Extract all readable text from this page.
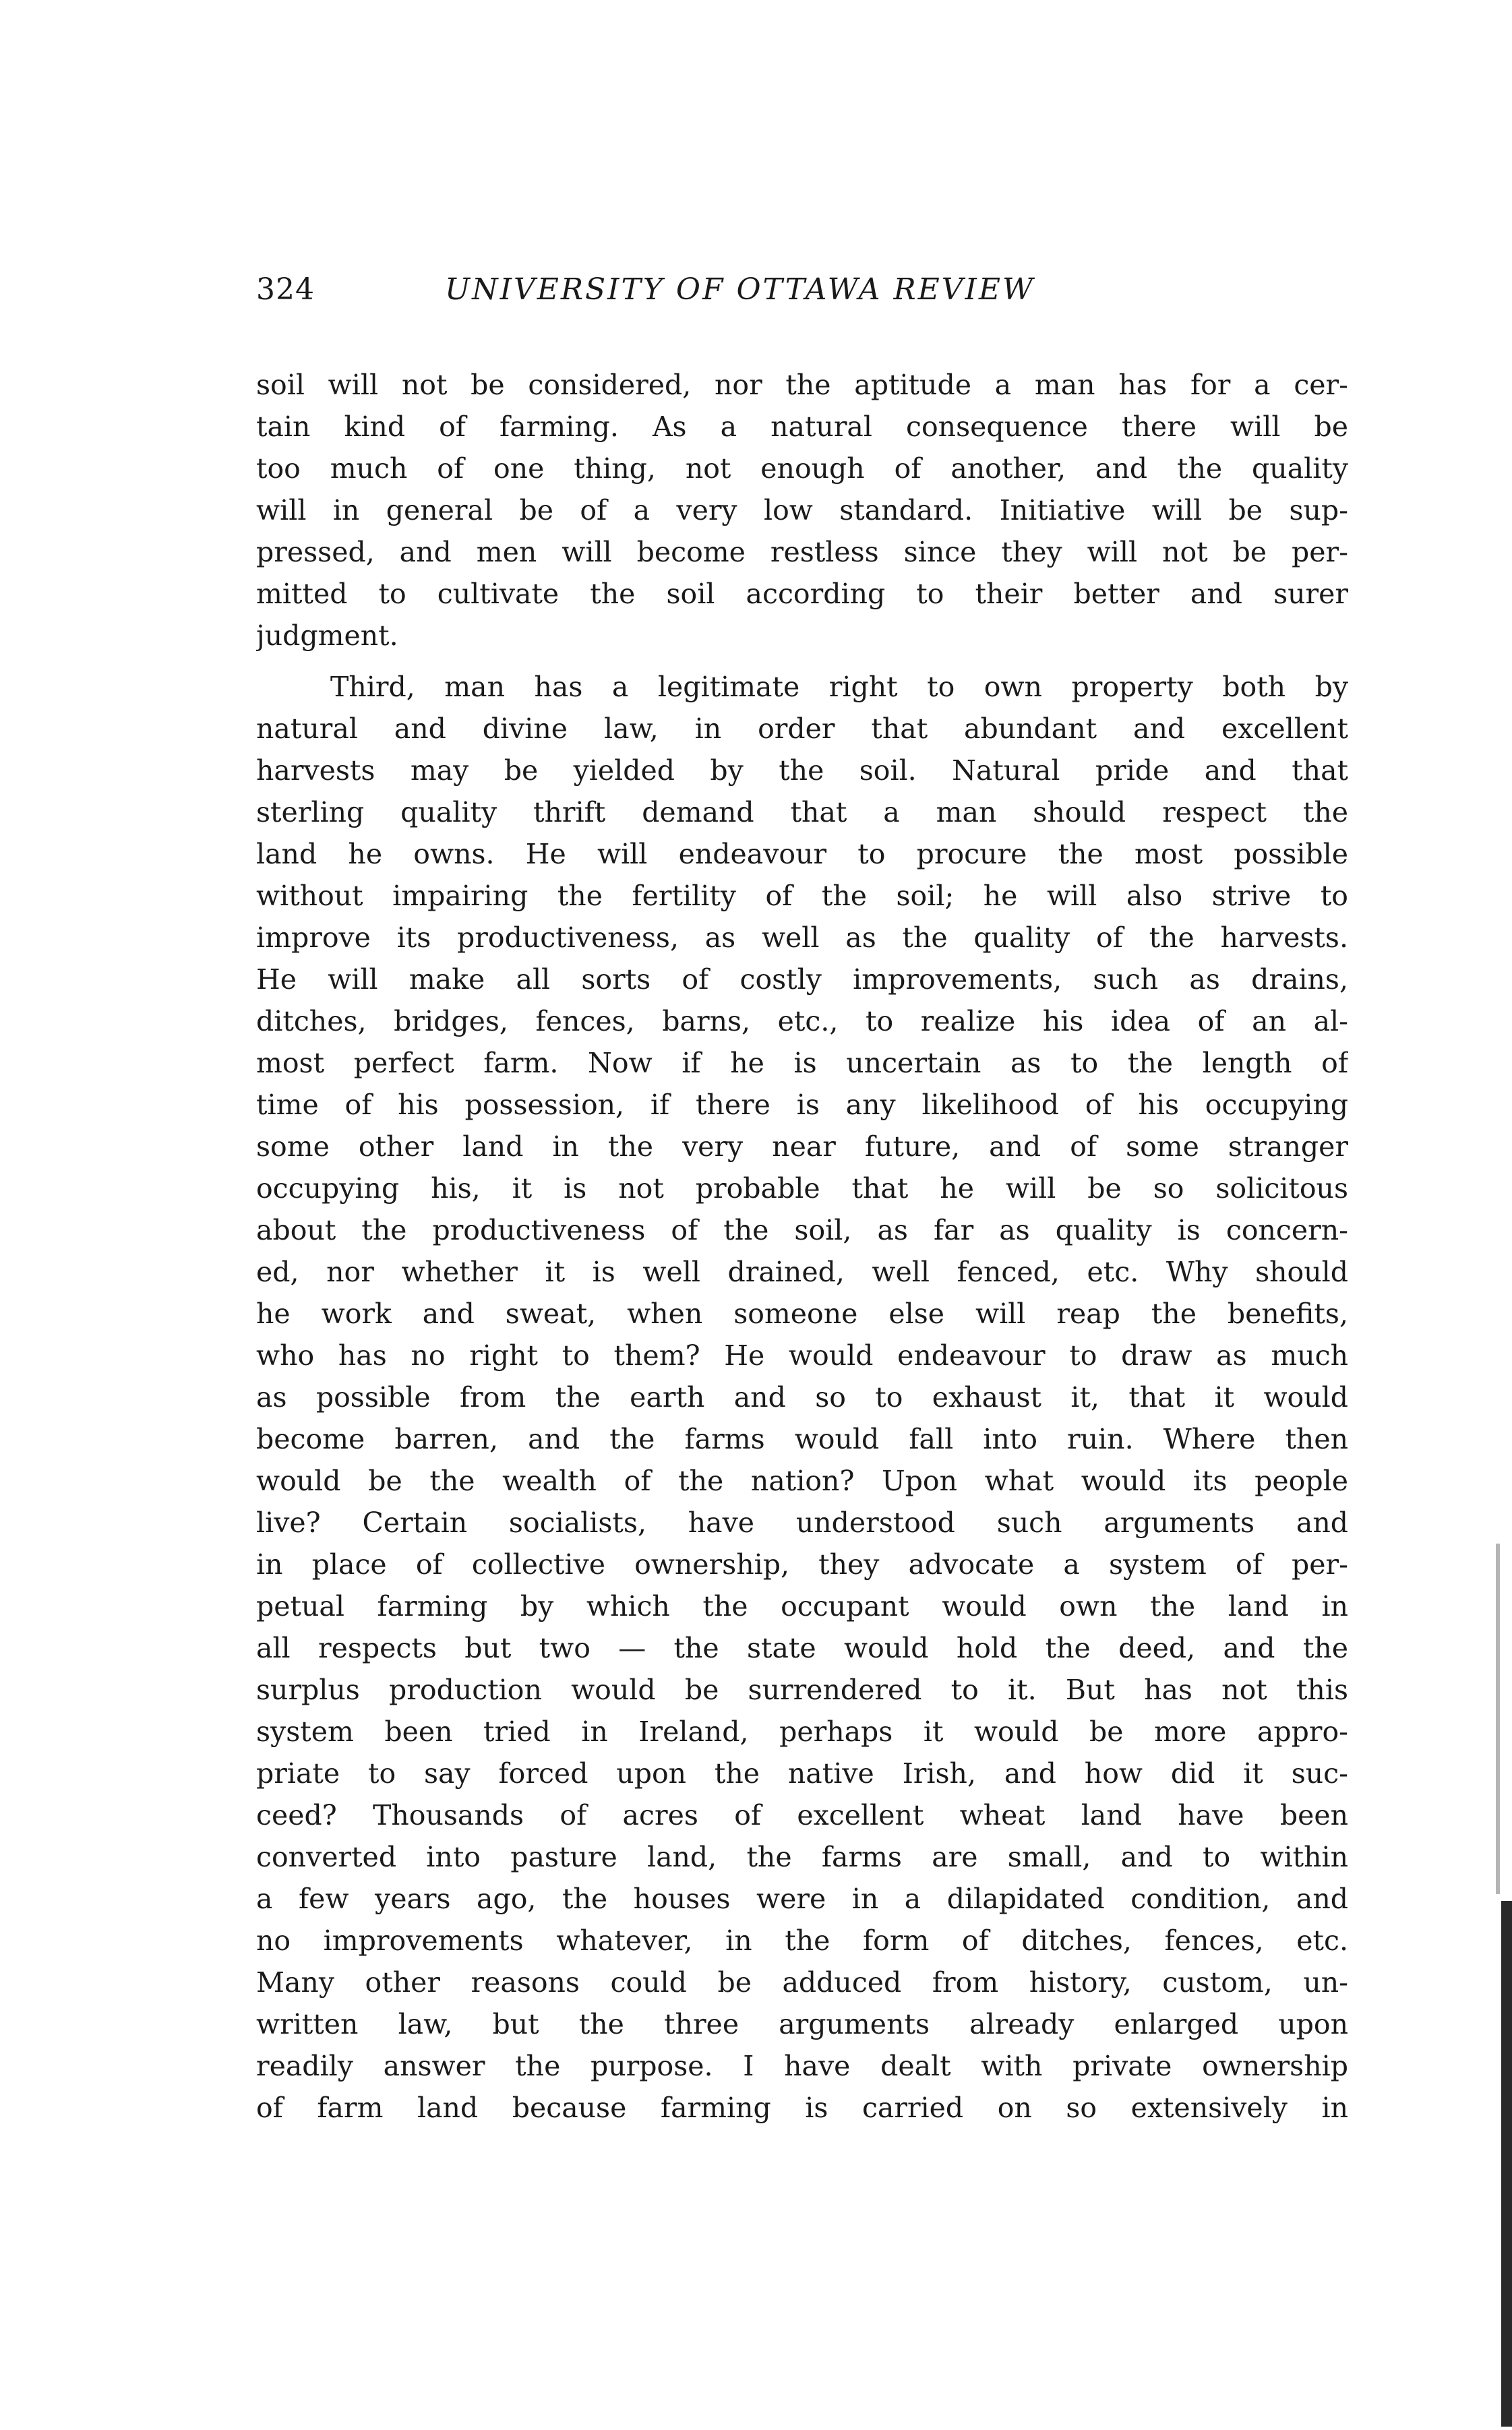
324	UNIVERSITY OF OTTAWA REVIEW
soil will not be considered, nor the aptitude a man has for a cer-
tain kind of farming. As a natural consequence there will be
too much of one thing, not enough of another, and the quality
will in general be of a very low standard. Initiative will be sup-
pressed, and men will become restless since they will not be per-
mitted to cultivate the soil according to their better and surer
judgment.
Third, man has a legitimate right to own property both by
natural and divine law, in order that abundant and excellent
harvests may be yielded by the soil. Natural pride and that
sterling quality thrift demand that a man should respect the
land he owns. He will endeavour to procure the most possible
without impairing the fertility of the soil; he will also strive to
improve its productiveness, as well as the quality of the harvests.
He will make all sorts of costly improvements, such as drains,
ditches, bridges, fences, barns, etc., to realize his idea of an al-
most perfect farm. Now if he is uncertain as to the length of
time of his possession, if there is any likelihood of his occupying
some other land in the very near future, and of some stranger
occupying his, it is not probable that he will be so solicitous
about the productiveness of the soil, as far as quality is concern-
ed, nor whether it is well drained, well fenced, etc. Why should
he work and sweat, when someone else will reap the benefits,
who has no right to them? He would endeavour to draw as much
as possible from the earth and so to exhaust it, that it would
become barren, and the farms would fall into ruin. Where then
would be the wealth of the nation? Upon what would its people
live? Certain socialists, have understood such arguments and
in place of collective ownership, they advocate a system of per-
petual farming by which the occupant would own the land in
all respects but two — the state would hold the deed, and the
surplus production would be surrendered to it. But has not this
system been tried in Ireland, perhaps it would be more appro-
priate to say forced upon the native Irish, and how did it suc-
ceed? Thousands of acres of excellent wheat land have been
converted into pasture land, the farms are small, and to within
a few years ago, the houses were in a dilapidated condition, and
no improvements whatever, in the form of ditches, fences, etc.
Many other reasons could be adduced from history, custom, un-
written law, but the three arguments already enlarged upon
readily answer the purpose. I have dealt with private ownership
of farm land because farming is carried on so extensively in
